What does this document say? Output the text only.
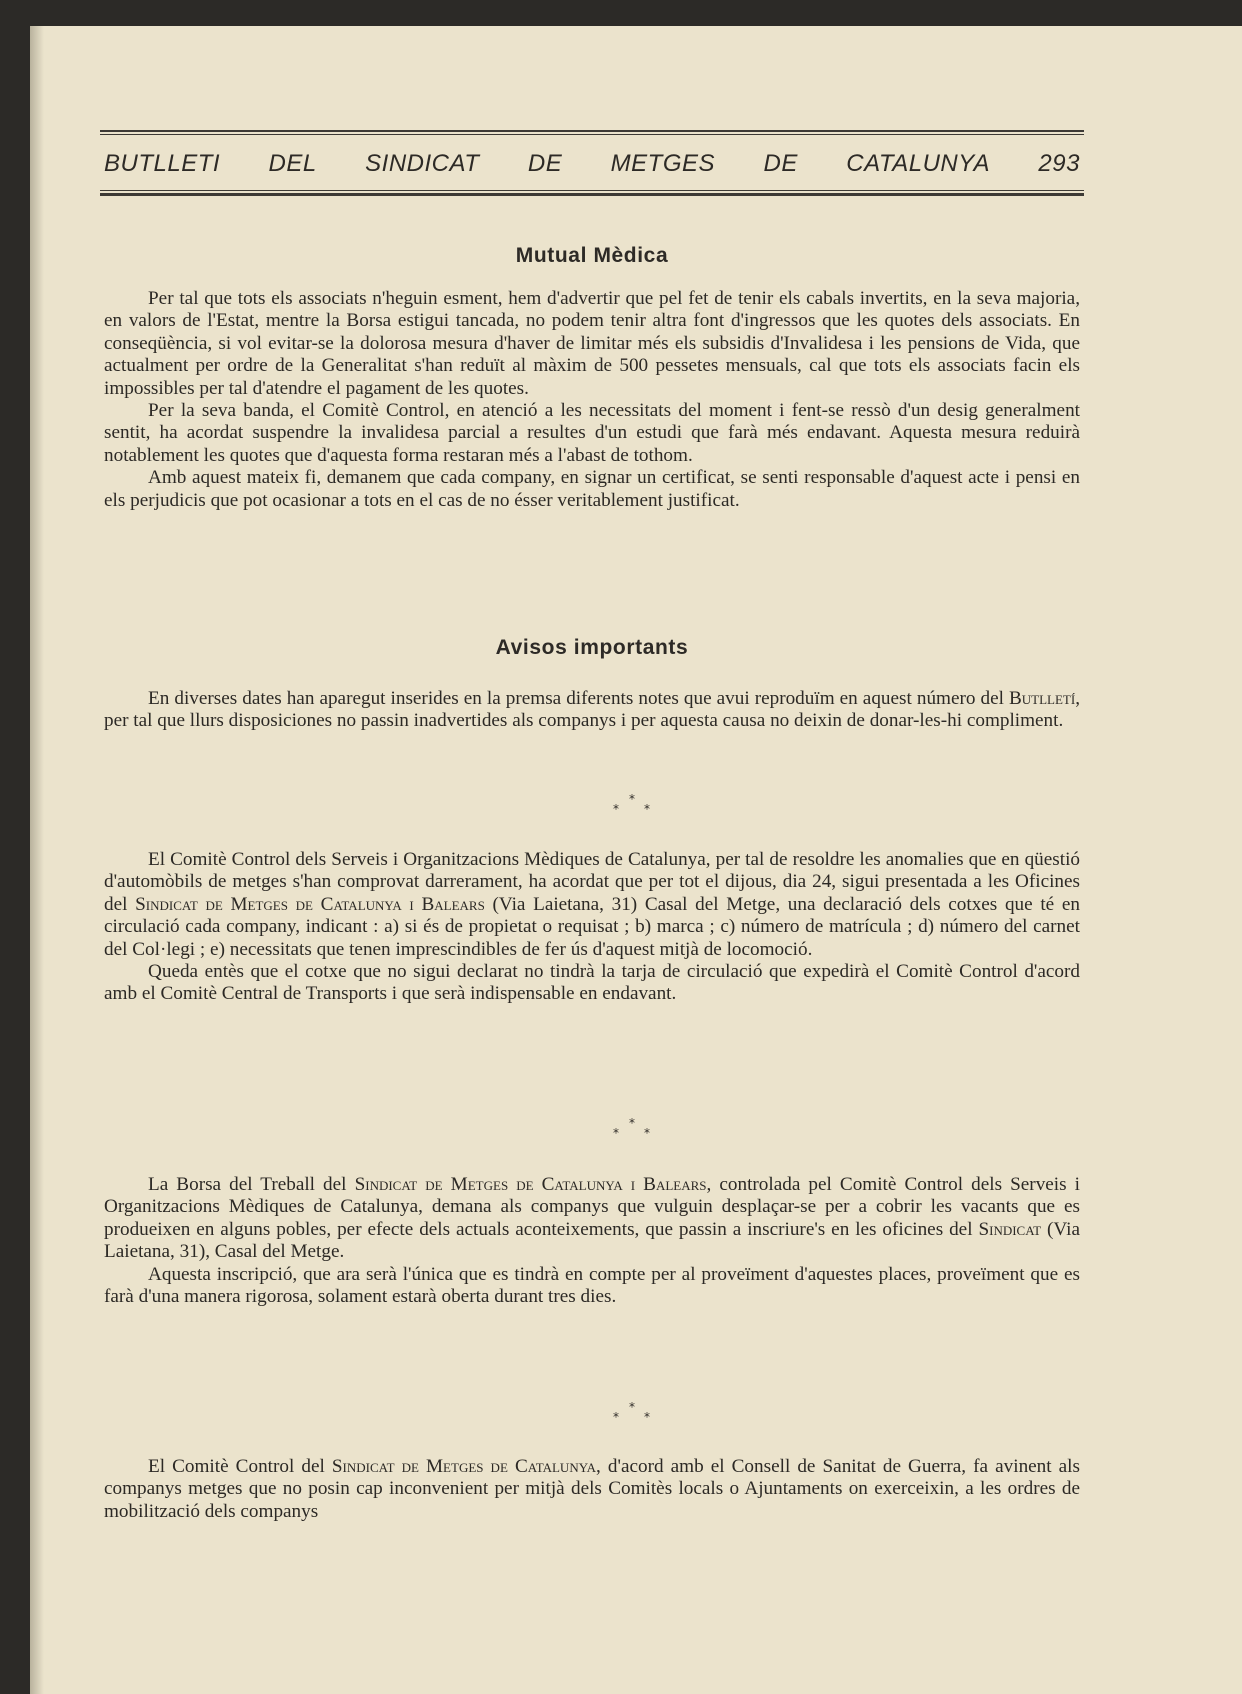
BUTLLETI DEL SINDICAT DE METGES DE CATALUNYA 293
Mutual Mèdica

Per tal que tots els associats n'heguin esment, hem d'advertir que pel fet de tenir els cabals invertits, en la seva majoria, en valors de l'Estat, mentre la Borsa estigui tancada, no podem tenir altra font d'ingressos que les quotes dels associats. En conseqüència, si vol evitar-se la dolorosa mesura d'haver de limitar més els subsidis d'Invalidesa i les pensions de Vida, que actualment per ordre de la Generalitat s'han reduït al màxim de 500 pessetes mensuals, cal que tots els associats facin els impossibles per tal d'atendre el pagament de les quotes.

Per la seva banda, el Comitè Control, en atenció a les necessitats del moment i fent-se ressò d'un desig generalment sentit, ha acordat suspendre la invalidesa parcial a resultes d'un estudi que farà més endavant. Aquesta mesura reduirà notablement les quotes que d'aquesta forma restaran més a l'abast de tothom.

Amb aquest mateix fi, demanem que cada company, en signar un certificat, se senti responsable d'aquest acte i pensi en els perjudicis que pot ocasionar a tots en el cas de no ésser veritablement justificat.

Avisos importants

En diverses dates han aparegut inserides en la premsa diferents notes que avui reproduïm en aquest número del Butlletí, per tal que llurs disposiciones no passin inadvertides als companys i per aquesta causa no deixin de donar-les-hi compliment.

*
* *

El Comitè Control dels Serveis i Organitzacions Mèdiques de Catalunya, per tal de resoldre les anomalies que en qüestió d'automòbils de metges s'han comprovat darrerament, ha acordat que per tot el dijous, dia 24, sigui presentada a les Oficines del Sindicat de Metges de Catalunya i Balears (Via Laietana, 31) Casal del Metge, una declaració dels cotxes que té en circulació cada company, indicant : a) si és de propietat o requisat ; b) marca ; c) número de matrícula ; d) número del carnet del Col·legi ; e) necessitats que tenen imprescindibles de fer ús d'aquest mitjà de locomoció.

Queda entès que el cotxe que no sigui declarat no tindrà la tarja de circulació que expedirà el Comitè Control d'acord amb el Comitè Central de Transports i que serà indispensable en endavant.

*
* *

La Borsa del Treball del Sindicat de Metges de Catalunya i Balears, controlada pel Comitè Control dels Serveis i Organitzacions Mèdiques de Catalunya, demana als companys que vulguin desplaçar-se per a cobrir les vacants que es produeixen en alguns pobles, per efecte dels actuals aconteixements, que passin a inscriure's en les oficines del Sindicat (Via Laietana, 31), Casal del Metge.

Aquesta inscripció, que ara serà l'única que es tindrà en compte per al proveïment d'aquestes places, proveïment que es farà d'una manera rigorosa, solament estarà oberta durant tres dies.

*
* *

El Comitè Control del Sindicat de Metges de Catalunya, d'acord amb el Consell de Sanitat de Guerra, fa avinent als companys metges que no posin cap inconvenient per mitjà dels Comitès locals o Ajuntaments on exerceixin, a les ordres de mobilització dels companys
